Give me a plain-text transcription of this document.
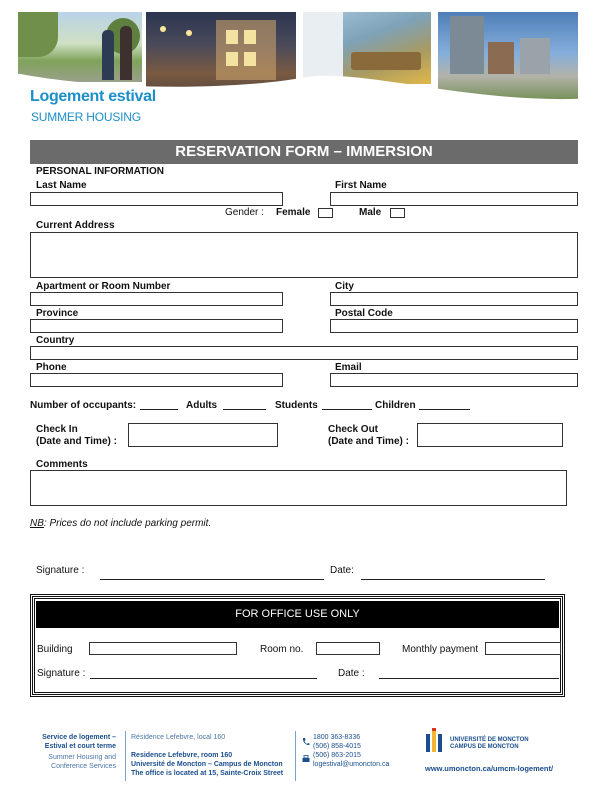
Logement estival
SUMMER HOUSING
RESERVATION FORM – IMMERSION
PERSONAL INFORMATION
Last Name	First Name
Gender : Female	Male
Current Address
Apartment or Room Number	City
Province	Postal Code
Country
Phone	Email
Number of occupants:	Adults	Students	Children
Check In
(Date and Time) :
Check Out
(Date and Time) :
Comments
NB: Prices do not include parking permit.
Signature :	Date:
FOR OFFICE USE ONLY
Building	Room no.	Monthly payment
Signature :	Date :
Service de logement –
Estival et court terme
Summer Housing and
Conference Services
Résidence Lefebvre, local 160
Residence Lefebvre, room 160
Université de Moncton – Campus de Moncton
The office is located at 15, Sainte-Croix Street
1800 363-8336
(506) 858-4015
(506) 863-2015
logestival@umoncton.ca
UNIVERSITÉ DE MONCTON
CAMPUS DE MONCTON
www.umoncton.ca/umcm-logement/
